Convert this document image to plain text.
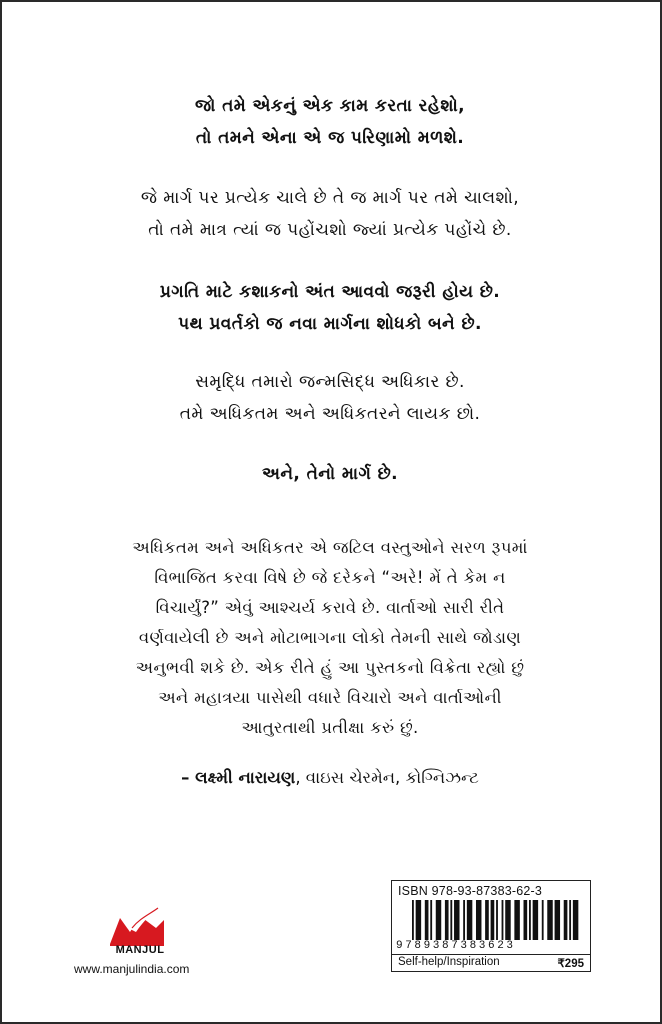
જો તમે એકનું એક કામ કરતા રહેશો,
તો તમને એના એ જ પરિણામો મળશે.
જે માર્ગ પર પ્રત્યેક ચાલે છે તે જ માર્ગ પર તમે ચાલશો,
તો તમે માત્ર ત્યાં જ પહોંચશો જ્યાં પ્રત્યેક પહોંચે છે.
પ્રગતિ માટે કશાકનો અંત આવવો જરૂરી હોય છે.
પથ પ્રવર્તકો જ નવા માર્ગના શોધકો બને છે.
સમૃદ્ધિ તમારો જન્મસિદ્ધ અધિકાર છે.
તમે અધિકતમ અને અધિકતરને લાયક છો.
અને, તેનો માર્ગ છે.
અધિકતમ અને અધિકતર એ જટિલ વસ્તુઓને સરળ રૂપમાં
વિભાજિત કરવા વિષે છે જે દરેકને “અરે! મેં તે કેમ ન
વિચાર્યું?” એવું આશ્ચર્ય કરાવે છે. વાર્તાઓ સારી રીતે
વર્ણવાયેલી છે અને મોટાભાગના લોકો તેમની સાથે જોડાણ
અનુભવી શકે છે. એક રીતે હું આ પુસ્તકનો વિક્રેતા રહ્યો છું
અને મહાત્રયા પાસેથી વધારે વિચારો અને વાર્તાઓની
આતુરતાથી પ્રતીક્ષા કરું છું.
– લક્ષ્મી નારાયણ, વાઇસ ચેરમેન, કોગ્નિઝન્ટ
MANJUL
www.manjulindia.com
ISBN 978-93-87383-62-3
9789387383623
Self-help/Inspiration	₹295
